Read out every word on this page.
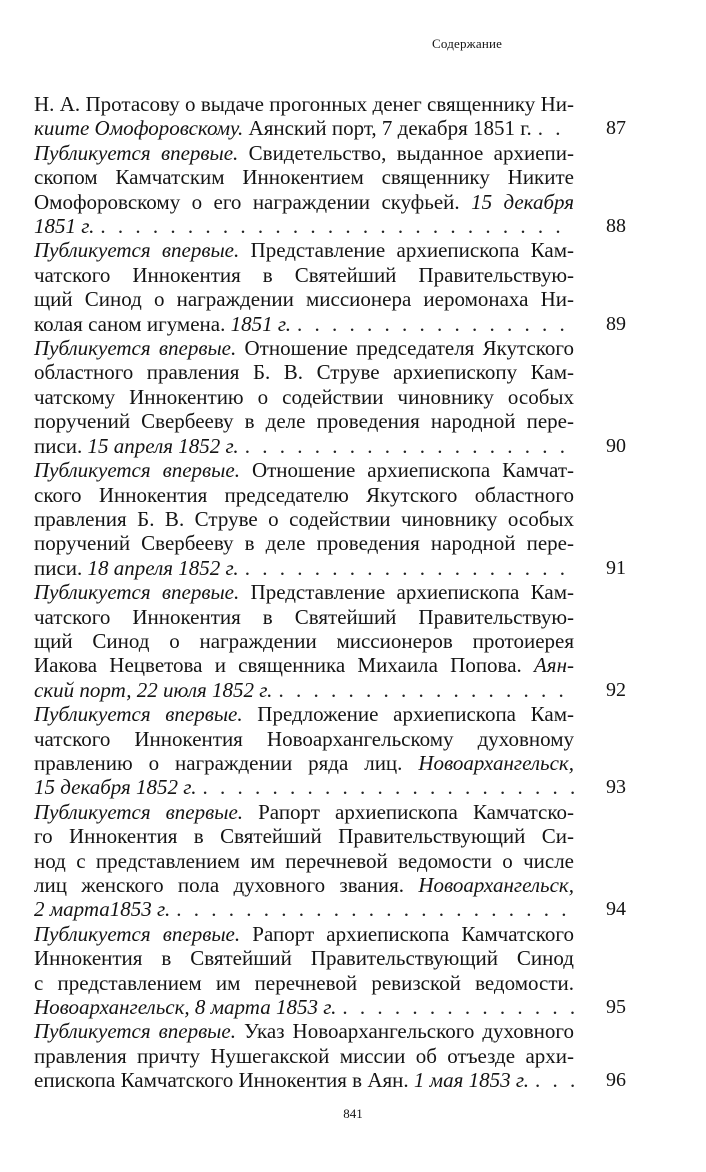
Содержание
Н. А. Протасову о выдаче прогонных денег священнику Ни-
киите Омофоровскому. Аянский порт, 7 декабря 1851 г. . . .	87
Публикуется впервые. Свидетельство, выданное архиепи-
скопом Камчатским Иннокентием священнику Никите
Омофоровскому о его награждении скуфьей. 15 декабря
1851 г. . . .	88
Публикуется впервые. Представление архиепископа Кам-
чатского Иннокентия в Святейший Правительствую-
щий Синод о награждении миссионера иеромонаха Ни-
колая саном игумена. 1851 г. . . .	89
Публикуется впервые. Отношение председателя Якутского
областного правления Б. В. Струве архиепископу Кам-
чатскому Иннокентию о содействии чиновнику особых
поручений Свербееву в деле проведения народной пере-
писи. 15 апреля 1852 г. . . .	90
Публикуется впервые. Отношение архиепископа Камчат-
ского Иннокентия председателю Якутского областного
правления Б. В. Струве о содействии чиновнику особых
поручений Свербееву в деле проведения народной пере-
писи. 18 апреля 1852 г. . . .	91
Публикуется впервые. Представление архиепископа Кам-
чатского Иннокентия в Святейший Правительствую-
щий Синод о награждении миссионеров протоиерея
Иакова Нецветова и священника Михаила Попова. Аян-
ский порт, 22 июля 1852 г. . . .	92
Публикуется впервые. Предложение архиепископа Кам-
чатского Иннокентия Новоархангельскому духовному
правлению о награждении ряда лиц. Новоархангельск,
15 декабря 1852 г. . . .	93
Публикуется впервые. Рапорт архиепископа Камчатско-
го Иннокентия в Святейший Правительствующий Си-
нод с представлением им перечневой ведомости о числе
лиц женского пола духовного звания. Новоархангельск,
2 марта1853 г. . . .	94
Публикуется впервые. Рапорт архиепископа Камчатского
Иннокентия в Святейший Правительствующий Синод
с представлением им перечневой ревизской ведомости.
Новоархангельск, 8 марта 1853 г. . . .	95
Публикуется впервые. Указ Новоархангельского духовного
правления причту Нушегакской миссии об отъезде архи-
епископа Камчатского Иннокентия в Аян. 1 мая 1853 г. . . .	96
841
